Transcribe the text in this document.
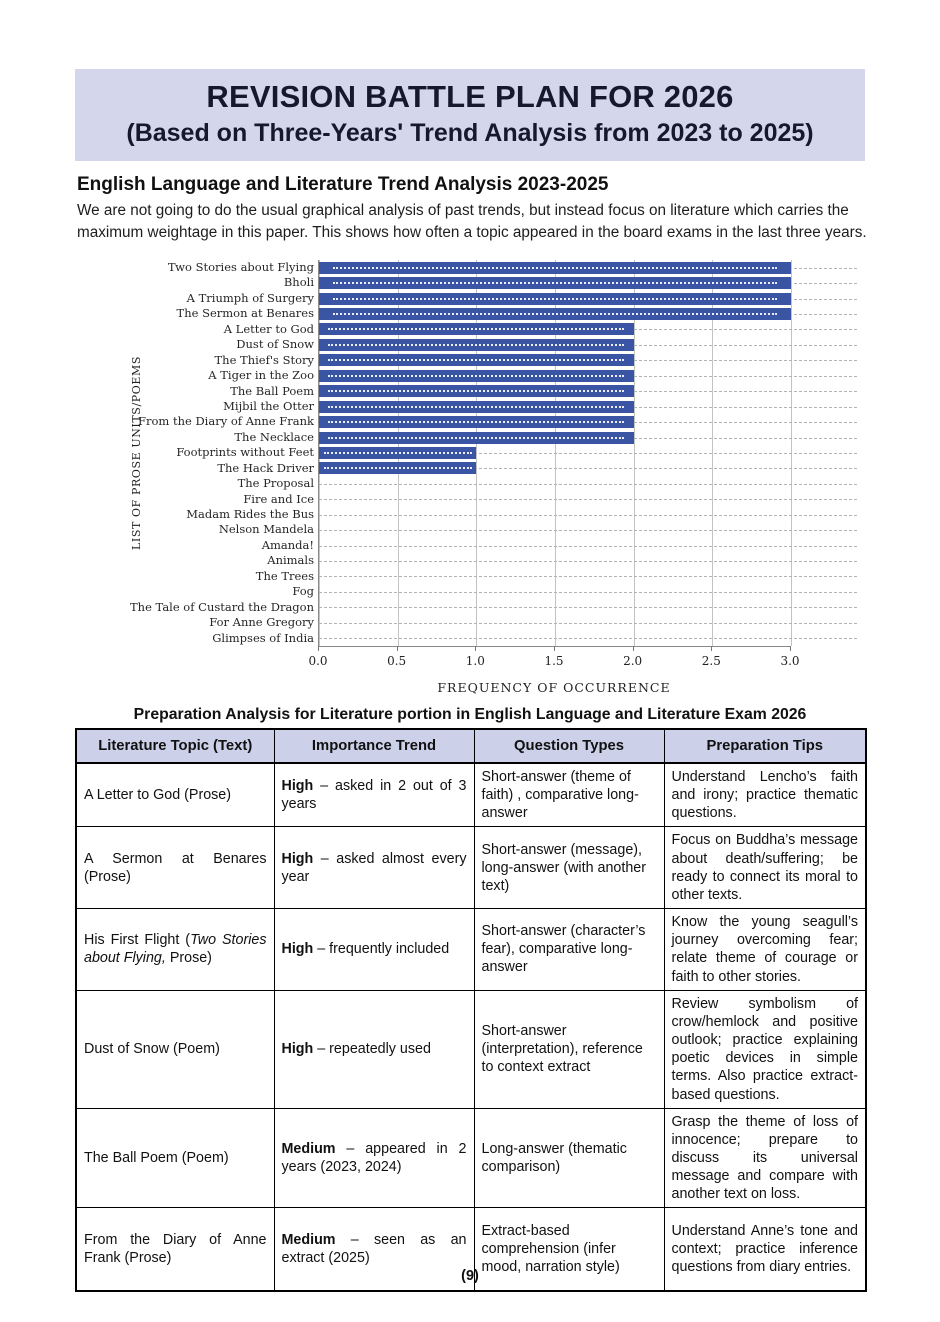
REVISION BATTLE PLAN FOR 2026
(Based on Three-Years' Trend Analysis from 2023 to 2025)
English Language and Literature Trend Analysis 2023-2025
We are not going to do the usual graphical analysis of past trends, but instead focus on literature which carries the maximum weightage in this paper. This shows how often a topic appeared in the board exams in the last three years.
LIST OF PROSE UNITS/POEMS
Two Stories about Flying
Bholi
A Triumph of Surgery
The Sermon at Benares
A Letter to God
Dust of Snow
The Thief's Story
A Tiger in the Zoo
The Ball Poem
Mijbil the Otter
From the Diary of Anne Frank
The Necklace
Footprints without Feet
The Hack Driver
The Proposal
Fire and Ice
Madam Rides the Bus
Nelson Mandela
Amanda!
Animals
The Trees
Fog
The Tale of Custard the Dragon
For Anne Gregory
Glimpses of India
0.0	0.5	1.0	1.5	2.0	2.5	3.0
FREQUENCY OF OCCURRENCE
Preparation Analysis for Literature portion in English Language and Literature Exam 2026
Literature Topic (Text)	Importance Trend	Question Types	Preparation Tips
A Letter to God (Prose)	High – asked in 2 out of 3 years	Short-answer (theme of faith) , comparative long-answer	Understand Lencho’s faith and irony; practice thematic questions.
A Sermon at Benares (Prose)	High – asked almost every year	Short-answer (message), long-answer (with another text)	Focus on Buddha’s message about death/suffering; be ready to connect its moral to other texts.
His First Flight (Two Stories about Flying, Prose)	High – frequently included	Short-answer (character’s fear), comparative long-answer	Know the young seagull’s journey overcoming fear; relate theme of courage or faith to other stories.
Dust of Snow (Poem)	High – repeatedly used	Short-answer (interpretation), reference to context extract	Review symbolism of crow/hemlock and positive outlook; practice explaining poetic devices in simple terms. Also practice extract-based questions.
The Ball Poem (Poem)	Medium – appeared in 2 years (2023, 2024)	Long-answer (thematic comparison)	Grasp the theme of loss of innocence; prepare to discuss its universal message and compare with another text on loss.
From the Diary of Anne Frank (Prose)	Medium – seen as an extract (2025)	Extract-based comprehension (infer mood, narration style)	Understand Anne’s tone and context; practice inference questions from diary entries.
(9)
